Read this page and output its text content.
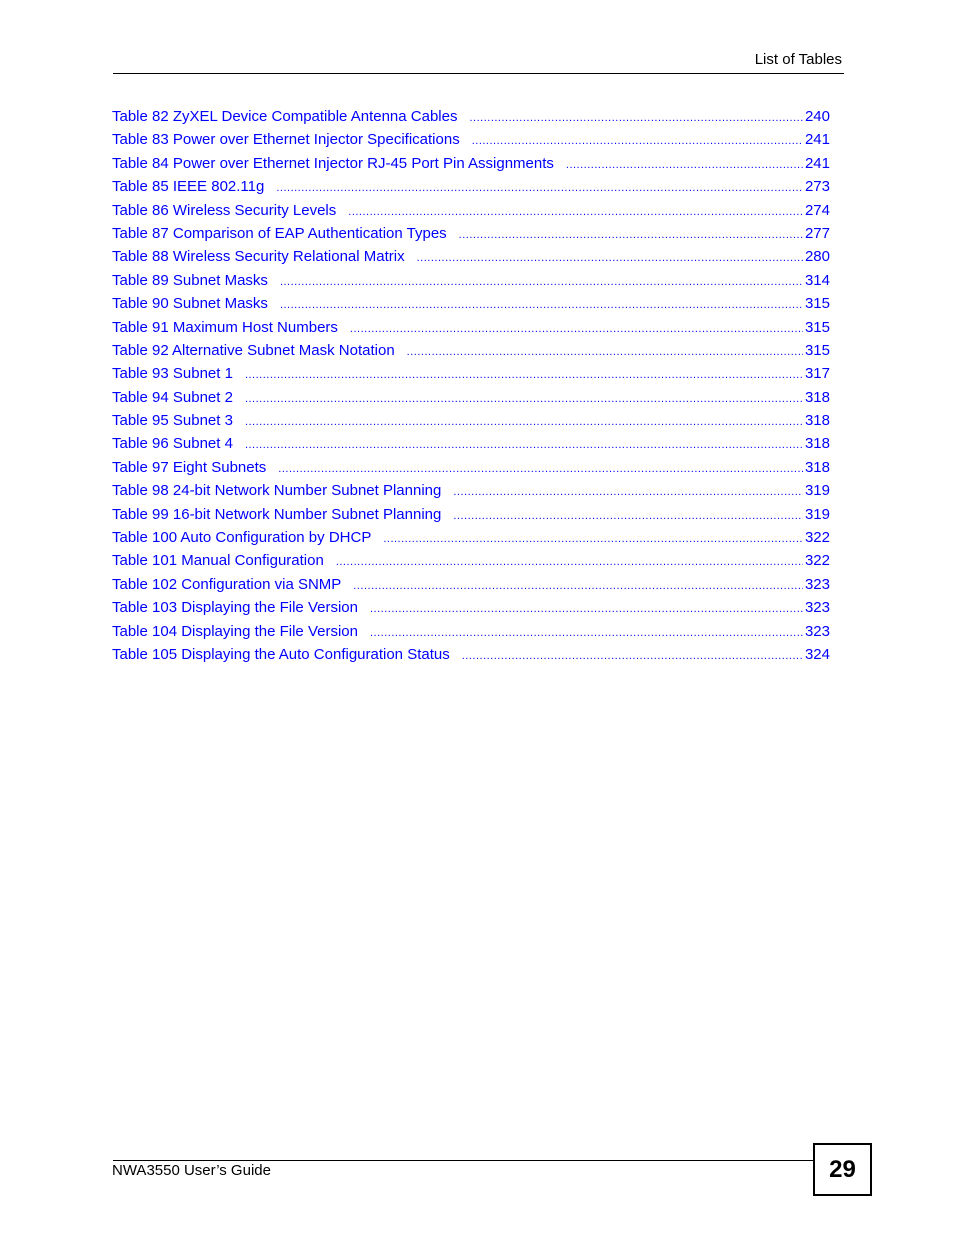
List of Tables
Table 82 ZyXEL Device Compatible Antenna Cables .....	240
Table 83 Power over Ethernet Injector Specifications .....	241
Table 84 Power over Ethernet Injector RJ-45 Port Pin Assignments .....	241
Table 85 IEEE 802.11g .....	273
Table 86 Wireless Security Levels .....	274
Table 87 Comparison of EAP Authentication Types .....	277
Table 88 Wireless Security Relational Matrix .....	280
Table 89 Subnet Masks .....	314
Table 90 Subnet Masks .....	315
Table 91 Maximum Host Numbers .....	315
Table 92 Alternative Subnet Mask Notation .....	315
Table 93 Subnet 1 .....	317
Table 94 Subnet 2 .....	318
Table 95 Subnet 3 .....	318
Table 96 Subnet 4 .....	318
Table 97 Eight Subnets .....	318
Table 98 24-bit Network Number Subnet Planning .....	319
Table 99 16-bit Network Number Subnet Planning .....	319
Table 100 Auto Configuration by DHCP .....	322
Table 101 Manual Configuration .....	322
Table 102 Configuration via SNMP .....	323
Table 103 Displaying the File Version .....	323
Table 104 Displaying the File Version .....	323
Table 105 Displaying the Auto Configuration Status .....	324
NWA3550 User’s Guide	29
